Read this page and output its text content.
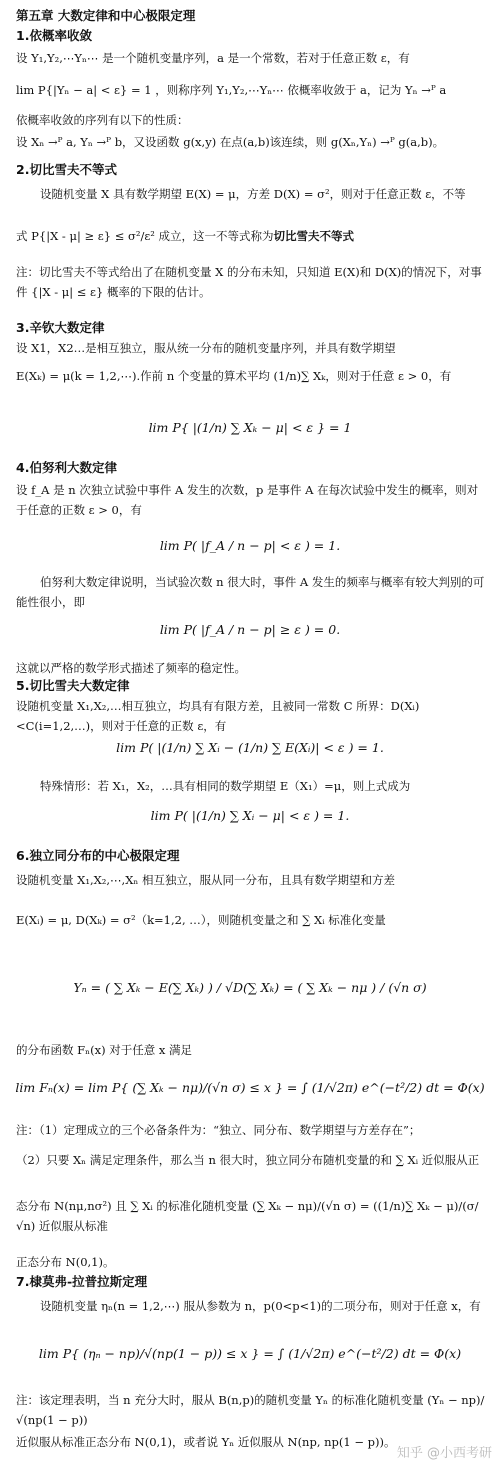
第五章 大数定律和中心极限定理
1.依概率收敛
设 Y₁,Y₂,⋯Yₙ⋯ 是一个随机变量序列，a 是一个常数，若对于任意正数 ε，有
lim P{|Yₙ − a| < ε} = 1 ，则称序列 Y₁,Y₂,⋯Yₙ⋯ 依概率收敛于 a，记为 Yₙ →ᴾ a
依概率收敛的序列有以下的性质：
设 Xₙ →ᴾ a, Yₙ →ᴾ b，又设函数 g(x,y) 在点(a,b)该连续，则 g(Xₙ,Yₙ) →ᴾ g(a,b)。
2.切比雪夫不等式
设随机变量 X 具有数学期望 E(X) = μ，方差 D(X) = σ²，则对于任意正数 ε，不等
式 P{|X - μ| ≥ ε} ≤ σ²/ε² 成立，这一不等式称为切比雪夫不等式
注：切比雪夫不等式给出了在随机变量 X 的分布未知，只知道 E(X)和 D(X)的情况下，对事件 {|X - μ| ≤ ε} 概率的下限的估计。
3.辛钦大数定律
设 X1，X2…是相互独立，服从统一分布的随机变量序列，并具有数学期望
E(Xₖ) = μ(k = 1,2,⋯).作前 n 个变量的算术平均 (1/n)∑ Xₖ，则对于任意 ε > 0，有
lim P{ |(1/n) ∑ Xₖ − μ| < ε } = 1
4.伯努利大数定律
设 f_A 是 n 次独立试验中事件 A 发生的次数，p 是事件 A 在每次试验中发生的概率，则对于任意的正数 ε > 0，有
lim P( |f_A / n − p| < ε ) = 1.
伯努利大数定律说明，当试验次数 n 很大时，事件 A 发生的频率与概率有较大判别的可能性很小，即
lim P( |f_A / n − p| ≥ ε ) = 0.
这就以严格的数学形式描述了频率的稳定性。
5.切比雪夫大数定律
设随机变量 X₁,X₂,…相互独立，均具有有限方差，且被同一常数 C 所界：D(Xᵢ)<C(i=1,2,…)，则对于任意的正数 ε，有
lim P( |(1/n) ∑ Xᵢ − (1/n) ∑ E(Xᵢ)| < ε ) = 1.
特殊情形：若 X₁，X₂，…具有相同的数学期望 E（X₁）=μ，则上式成为
lim P( |(1/n) ∑ Xᵢ − μ| < ε ) = 1.
6.独立同分布的中心极限定理
设随机变量 X₁,X₂,⋯,Xₙ 相互独立，服从同一分布，且具有数学期望和方差
E(Xᵢ) = μ, D(Xₖ) = σ²（k=1,2, …），则随机变量之和 ∑ Xᵢ 标准化变量
Yₙ = ( ∑ Xₖ − E(∑ Xₖ) ) / √D(∑ Xₖ) = ( ∑ Xₖ − nμ ) / (√n σ)
的分布函数 Fₙ(x) 对于任意 x 满足
lim Fₙ(x) = lim P{ (∑ Xₖ − nμ)/(√n σ) ≤ x } = ∫ (1/√2π) e^(−t²/2) dt = Φ(x)
注：（1）定理成立的三个必备条件为：“独立、同分布、数学期望与方差存在”；
（2）只要 Xₙ 满足定理条件，那么当 n 很大时，独立同分布随机变量的和 ∑ Xᵢ 近似服从正
态分布 N(nμ,nσ²) 且 ∑ Xᵢ 的标准化随机变量 (∑ Xₖ − nμ)/(√n σ) = ((1/n)∑ Xₖ − μ)/(σ/√n) 近似服从标准
正态分布 N(0,1)。
7.棣莫弗-拉普拉斯定理
设随机变量 ηₙ(n = 1,2,⋯) 服从参数为 n，p(0<p<1)的二项分布，则对于任意 x，有
lim P{ (ηₙ − np)/√(np(1 − p)) ≤ x } = ∫ (1/√2π) e^(−t²/2) dt = Φ(x)
注：该定理表明，当 n 充分大时，服从 B(n,p)的随机变量 Yₙ 的标准化随机变量 (Yₙ − np)/√(np(1 − p))
近似服从标准正态分布 N(0,1)，或者说 Yₙ 近似服从 N(np, np(1 − p))。
知乎 @小西考研
